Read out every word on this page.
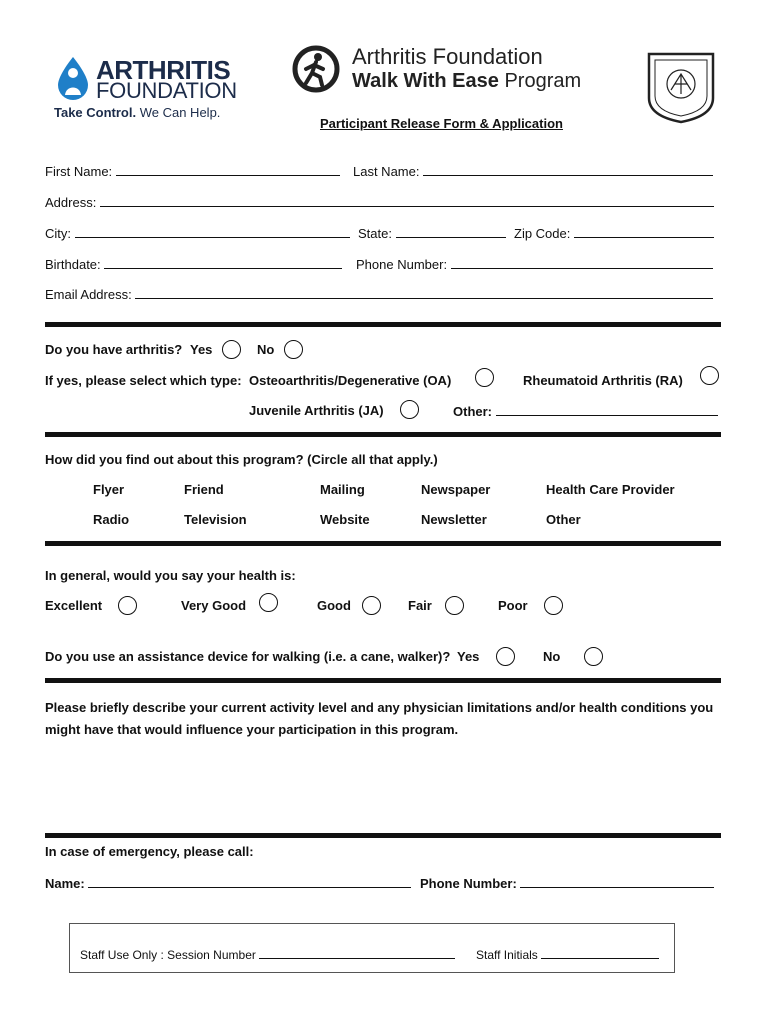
ARTHRITIS
FOUNDATION
Take Control. We Can Help.
Arthritis Foundation
Walk With Ease Program
Participant Release Form & Application
First Name:	Last Name:
Address:
City:	State:	Zip Code:
Birthdate:	Phone Number:
Email Address:
Do you have arthritis? Yes	No
If yes, please select which type: Osteoarthritis/Degenerative (OA)	Rheumatoid Arthritis (RA)
Juvenile Arthritis (JA)	Other:
How did you find out about this program? (Circle all that apply.)
Flyer	Friend	Mailing	Newspaper	Health Care Provider
Radio	Television	Website	Newsletter	Other
In general, would you say your health is:
Excellent	Very Good	Good	Fair	Poor
Do you use an assistance device for walking (i.e. a cane, walker)? Yes	No
Please briefly describe your current activity level and any physician limitations and/or health conditions you
might have that would influence your participation in this program.
In case of emergency, please call:
Name:	Phone Number:
Staff Use Only : Session Number	Staff Initials
